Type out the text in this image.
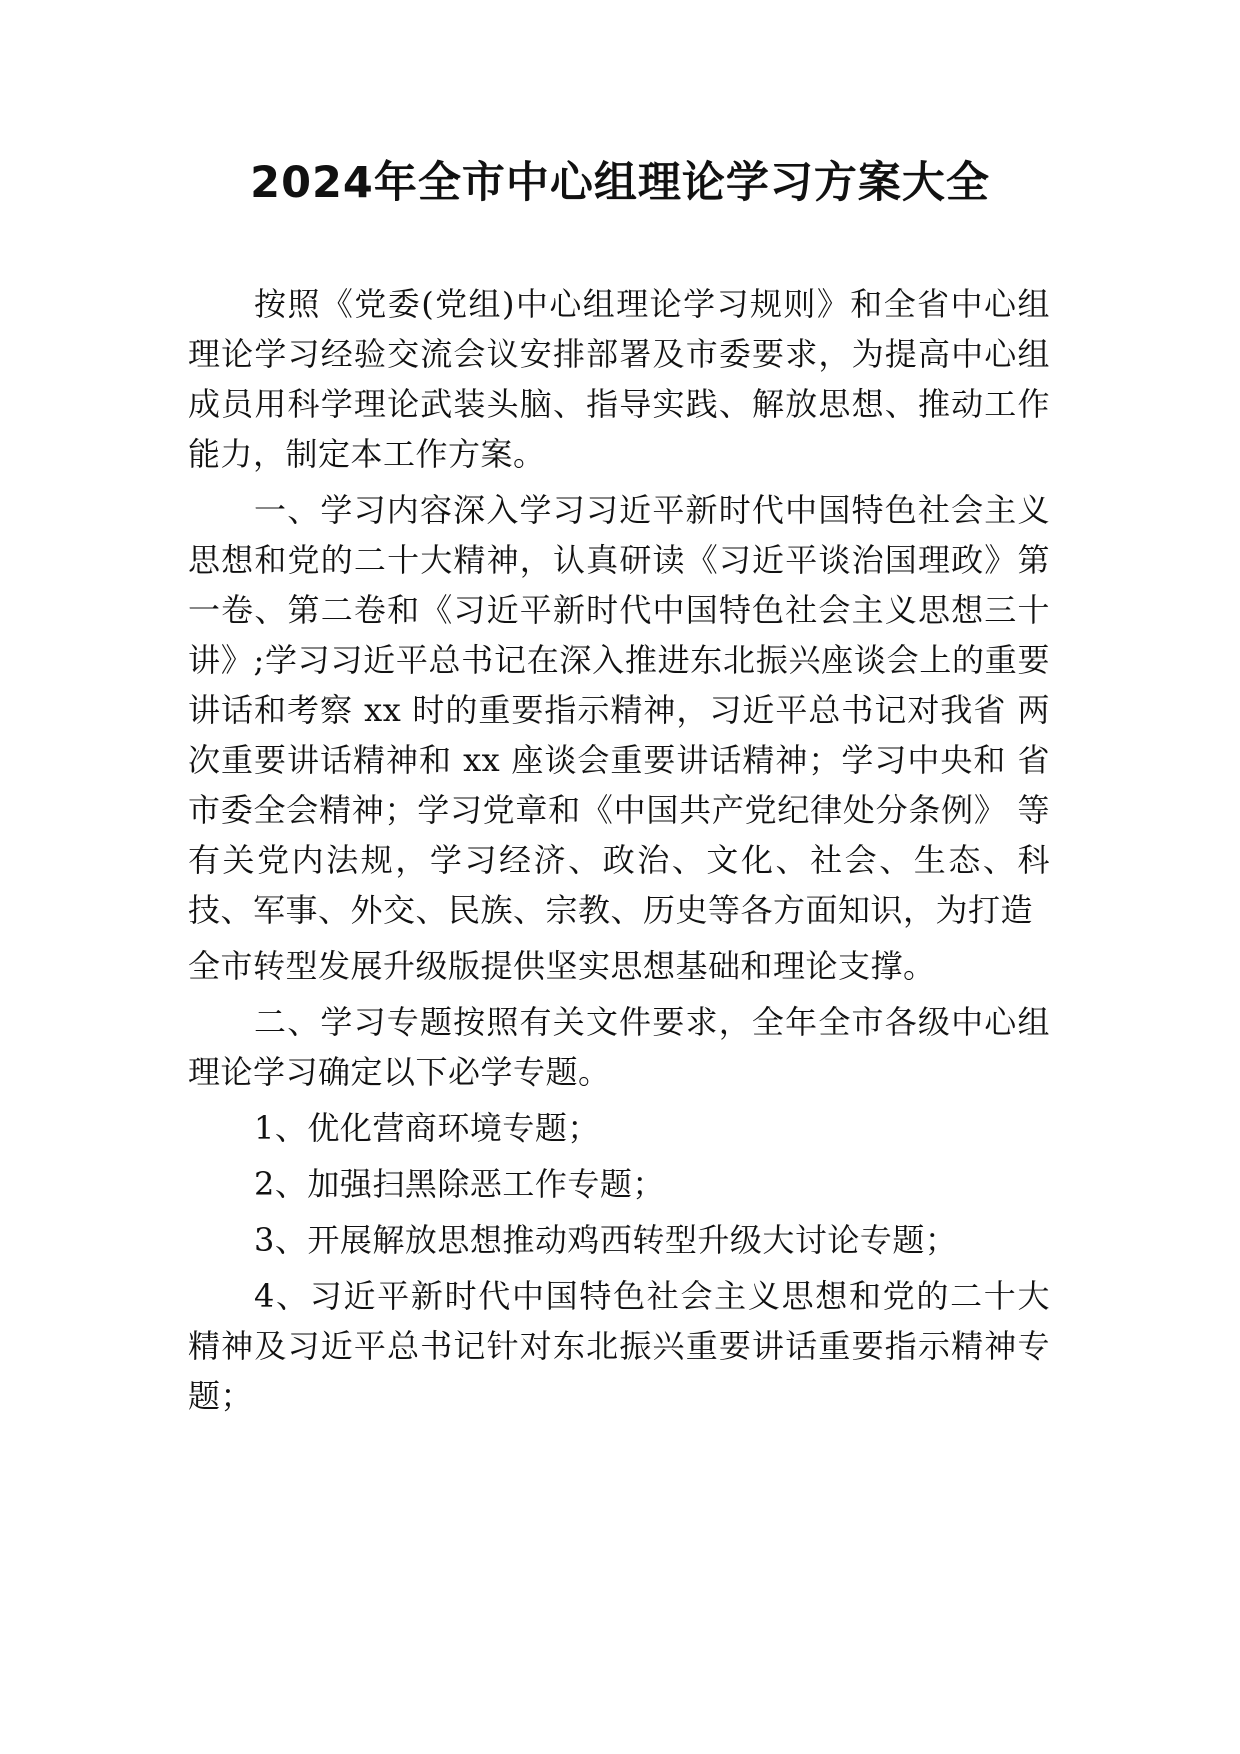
2024年全市中心组理论学习方案大全

按照《党委(党组)中心组理论学习规则》和全省中心组理论学习经验交流会议安排部署及市委要求，为提高中心组成员用科学理论武装头脑、指导实践、解放思想、推动工作能力，制定本工作方案。

一、学习内容深入学习习近平新时代中国特色社会主义思想和党的二十大精神，认真研读《习近平谈治国理政》第一卷、第二卷和《习近平新时代中国特色社会主义思想三十讲》;学习习近平总书记在深入推进东北振兴座谈会上的重要讲话和考察 xx 时的重要指示精神，习近平总书记对我省 两次重要讲话精神和 xx 座谈会重要讲话精神；学习中央和 省市委全会精神；学习党章和《中国共产党纪律处分条例》 等有关党内法规，学习经济、政治、文化、社会、生态、科 技、军事、外交、民族、宗教、历史等各方面知识，为打造

全市转型发展升级版提供坚实思想基础和理论支撑。

二、学习专题按照有关文件要求，全年全市各级中心组理论学习确定以下必学专题。

1、优化营商环境专题；

2、加强扫黑除恶工作专题；

3、开展解放思想推动鸡西转型升级大讨论专题；

4、习近平新时代中国特色社会主义思想和党的二十大精神及习近平总书记针对东北振兴重要讲话重要指示精神专题；
